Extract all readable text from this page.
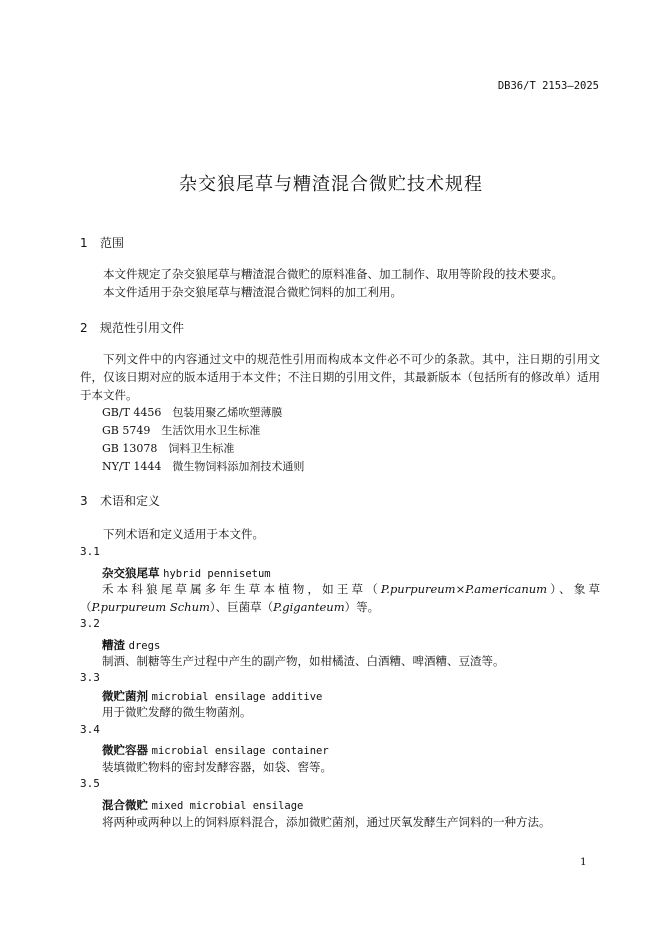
DB36/T 2153—2025
杂交狼尾草与糟渣混合微贮技术规程
1 范围
本文件规定了杂交狼尾草与糟渣混合微贮的原料准备、加工制作、取用等阶段的技术要求。
本文件适用于杂交狼尾草与糟渣混合微贮饲料的加工利用。
2 规范性引用文件
下列文件中的内容通过文中的规范性引用而构成本文件必不可少的条款。其中，注日期的引用文件，仅该日期对应的版本适用于本文件；不注日期的引用文件，其最新版本（包括所有的修改单）适用于本文件。
GB/T 4456　包装用聚乙烯吹塑薄膜
GB 5749　生活饮用水卫生标准
GB 13078　饲料卫生标准
NY/T 1444　微生物饲料添加剂技术通则
3 术语和定义
下列术语和定义适用于本文件。
3.1
杂交狼尾草 hybrid pennisetum
禾本科狼尾草属多年生草本植物，如王草（P.purpureum×P.americanum）、象草（P.purpureum Schum）、巨菌草（P.giganteum）等。
3.2
糟渣 dregs
制酒、制糖等生产过程中产生的副产物，如柑橘渣、白酒糟、啤酒糟、豆渣等。
3.3
微贮菌剂 microbial ensilage additive
用于微贮发酵的微生物菌剂。
3.4
微贮容器 microbial ensilage container
装填微贮物料的密封发酵容器，如袋、窖等。
3.5
混合微贮 mixed microbial ensilage
将两种或两种以上的饲料原料混合，添加微贮菌剂，通过厌氧发酵生产饲料的一种方法。
1
